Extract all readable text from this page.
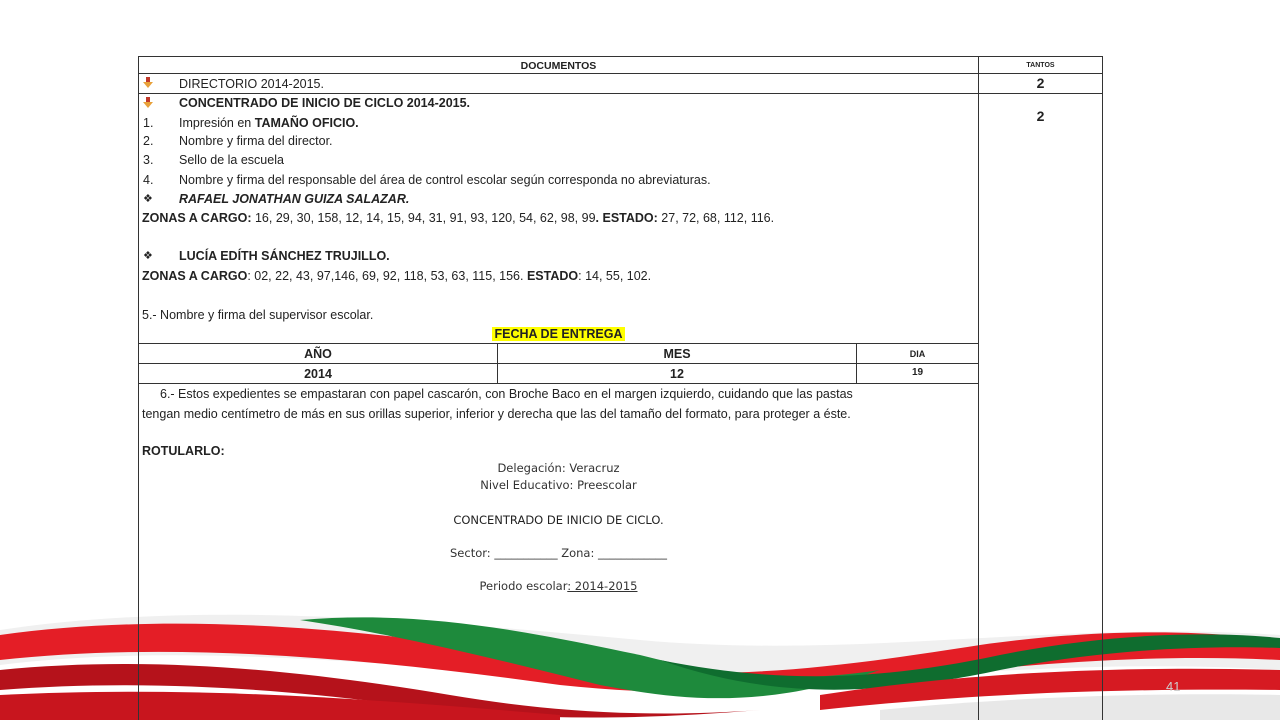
DOCUMENTOS	TANTOS
DIRECTORIO 2014-2015.	2
CONCENTRADO DE INICIO DE CICLO 2014-2015.
2
1. Impresión en TAMAÑO OFICIO.
2. Nombre y firma del director.
3. Sello de la escuela
4. Nombre y firma del responsable del área de control escolar según corresponda no abreviaturas.
❖ RAFAEL JONATHAN GUIZA SALAZAR.
ZONAS A CARGO: 16, 29, 30, 158, 12, 14, 15, 94, 31, 91, 93, 120, 54, 62, 98, 99. ESTADO: 27, 72, 68, 112, 116.
❖ LUCÍA EDÍTH SÁNCHEZ TRUJILLO.
ZONAS A CARGO: 02, 22, 43, 97,146, 69, 92, 118, 53, 63, 115, 156. ESTADO: 14, 55, 102.
5.- Nombre y firma del supervisor escolar.
FECHA DE ENTREGA
AÑO	MES	DIA
2014	12	19
6.- Estos expedientes se empastaran con papel cascarón, con Broche Baco en el margen izquierdo, cuidando que las pastas
tengan medio centímetro de más en sus orillas superior, inferior y derecha que las del tamaño del formato, para proteger a éste.
ROTULARLO:
Delegación: Veracruz
Nivel Educativo: Preescolar
CONCENTRADO DE INICIO DE CICLO.
Sector: ___________ Zona: ____________
Periodo escolar: 2014-2015
41
